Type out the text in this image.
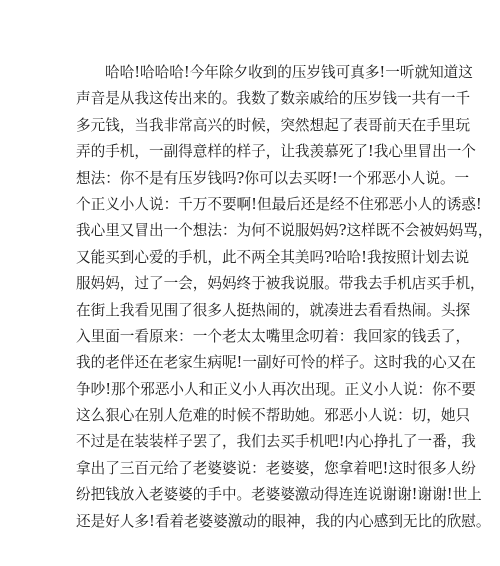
哈哈!哈哈哈!今年除夕收到的压岁钱可真多!一听就知道这
声音是从我这传出来的。我数了数亲戚给的压岁钱一共有一千
多元钱，当我非常高兴的时候，突然想起了表哥前天在手里玩
弄的手机，一副得意样的样子，让我羡慕死了!我心里冒出一个
想法：你不是有压岁钱吗?你可以去买呀!一个邪恶小人说。一
个正义小人说：千万不要啊!但最后还是经不住邪恶小人的诱惑!
我心里又冒出一个想法：为何不说服妈妈?这样既不会被妈妈骂，
又能买到心爱的手机，此不两全其美吗?哈哈!我按照计划去说
服妈妈，过了一会，妈妈终于被我说服。带我去手机店买手机，
在街上我看见围了很多人挺热闹的，就凑进去看看热闹。头探
入里面一看原来：一个老太太嘴里念叨着：我回家的钱丢了，
我的老伴还在老家生病呢!一副好可怜的样子。这时我的心又在
争吵!那个邪恶小人和正义小人再次出现。正义小人说：你不要
这么狠心在别人危难的时候不帮助她。邪恶小人说：切，她只
不过是在装装样子罢了，我们去买手机吧!内心挣扎了一番，我
拿出了三百元给了老婆婆说：老婆婆，您拿着吧!这时很多人纷
纷把钱放入老婆婆的手中。老婆婆激动得连连说谢谢!谢谢!世上
还是好人多!看着老婆婆激动的眼神，我的内心感到无比的欣慰。
